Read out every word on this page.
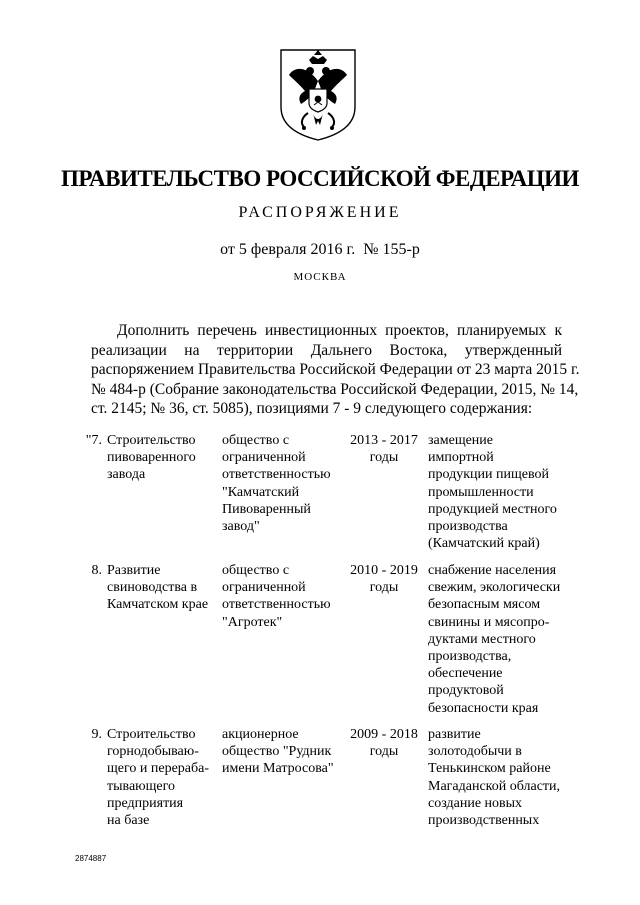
ПРАВИТЕЛЬСТВО РОССИЙСКОЙ ФЕДЕРАЦИИ
РАСПОРЯЖЕНИЕ
от 5 февраля 2016 г.  № 155-р
МОСКВА
Дополнить перечень инвестиционных проектов, планируемых к
реализации на территории Дальнего Востока, утвержденный
распоряжением Правительства Российской Федерации от 23 марта 2015 г.
№ 484-р (Собрание законодательства Российской Федерации, 2015, № 14,
ст. 2145; № 36, ст. 5085), позициями 7 - 9 следующего содержания:
"7. Строительство
пивоваренного
завода
общество с
ограниченной
ответственностью
"Камчатский
Пивоваренный
завод"
2013 - 2017
годы
замещение
импортной
продукции пищевой
промышленности
продукцией местного
производства
(Камчатский край)
8. Развитие
свиноводства в
Камчатском крае
общество с
ограниченной
ответственностью
"Агротек"
2010 - 2019
годы
снабжение населения
свежим, экологически
безопасным мясом
свинины и мясопро-
дуктами местного
производства,
обеспечение
продуктовой
безопасности края
9. Строительство
горнодобываю-
щего и перераба-
тывающего
предприятия
на базе
акционерное
общество "Рудник
имени Матросова"
2009 - 2018
годы
развитие
золотодобычи в
Тенькинском районе
Магаданской области,
создание новых
производственных
2874887
